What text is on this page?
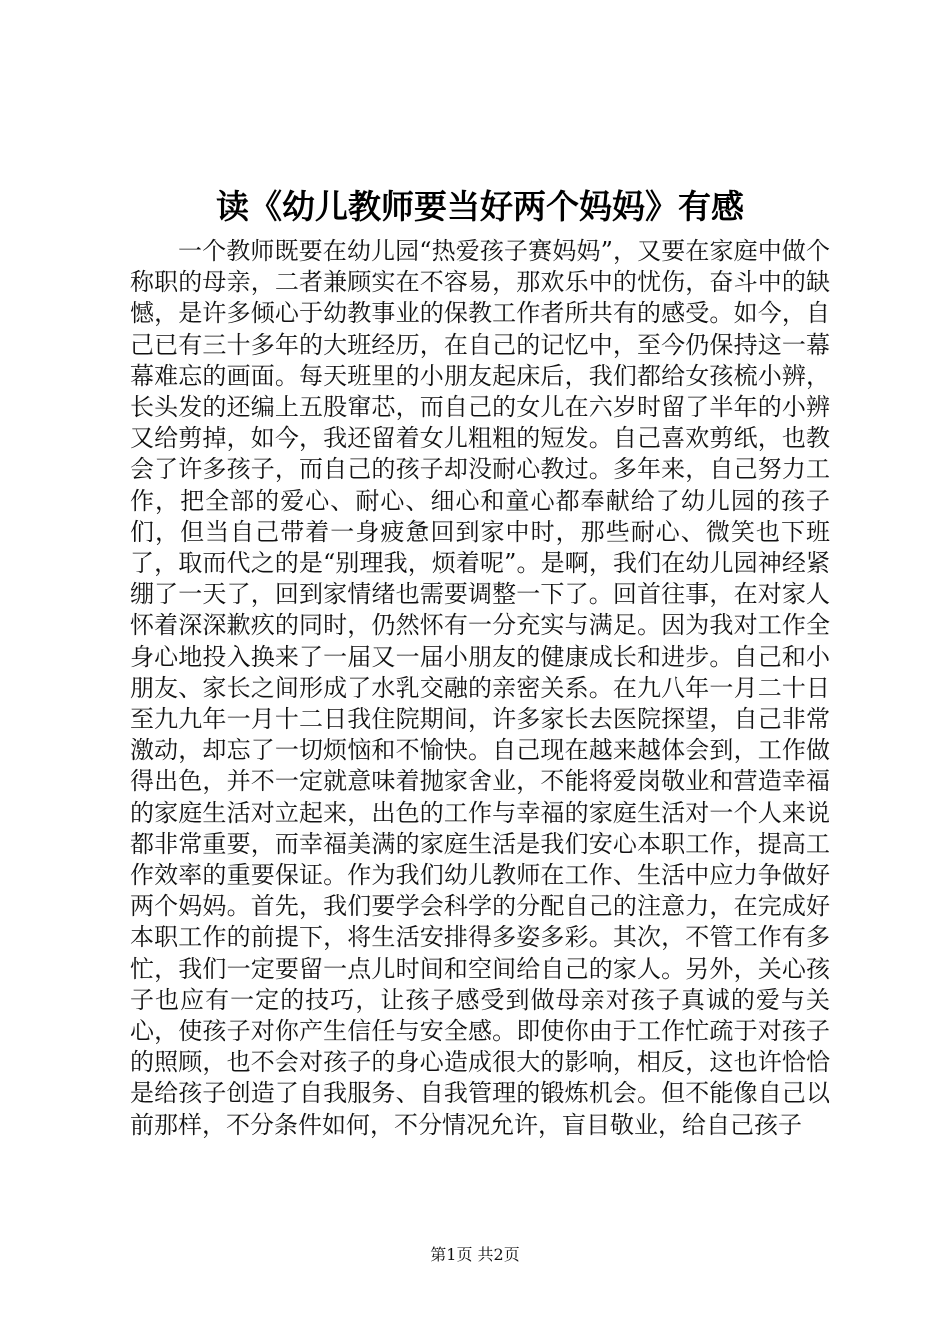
读《幼儿教师要当好两个妈妈》有感

一个教师既要在幼儿园“热爱孩子赛妈妈”，又要在家庭中做个称职的母亲，二者兼顾实在不容易，那欢乐中的忧伤，奋斗中的缺憾，是许多倾心于幼教事业的保教工作者所共有的感受。如今，自己已有三十多年的大班经历，在自己的记忆中，至今仍保持这一幕幕难忘的画面。每天班里的小朋友起床后，我们都给女孩梳小辨，长头发的还编上五股窜芯，而自己的女儿在六岁时留了半年的小辨又给剪掉，如今，我还留着女儿粗粗的短发。自己喜欢剪纸，也教会了许多孩子，而自己的孩子却没耐心教过。多年来，自己努力工作，把全部的爱心、耐心、细心和童心都奉献给了幼儿园的孩子们，但当自己带着一身疲惫回到家中时，那些耐心、微笑也下班了，取而代之的是“别理我，烦着呢”。是啊，我们在幼儿园神经紧绷了一天了，回到家情绪也需要调整一下了。回首往事，在对家人怀着深深歉疚的同时，仍然怀有一分充实与满足。因为我对工作全身心地投入换来了一届又一届小朋友的健康成长和进步。自己和小朋友、家长之间形成了水乳交融的亲密关系。在九八年一月二十日至九九年一月十二日我住院期间，许多家长去医院探望，自己非常激动，却忘了一切烦恼和不愉快。自己现在越来越体会到，工作做得出色，并不一定就意味着抛家舍业，不能将爱岗敬业和营造幸福的家庭生活对立起来，出色的工作与幸福的家庭生活对一个人来说都非常重要，而幸福美满的家庭生活是我们安心本职工作，提高工作效率的重要保证。作为我们幼儿教师在工作、生活中应力争做好两个妈妈。首先，我们要学会科学的分配自己的注意力，在完成好本职工作的前提下，将生活安排得多姿多彩。其次，不管工作有多忙，我们一定要留一点儿时间和空间给自己的家人。另外，关心孩子也应有一定的技巧，让孩子感受到做母亲对孩子真诚的爱与关心，使孩子对你产生信任与安全感。即使你由于工作忙疏于对孩子的照顾，也不会对孩子的身心造成很大的影响，相反，这也许恰恰是给孩子创造了自我服务、自我管理的锻炼机会。但不能像自己以前那样，不分条件如何，不分情况允许，盲目敬业，给自己孩子

第1页 共2页
